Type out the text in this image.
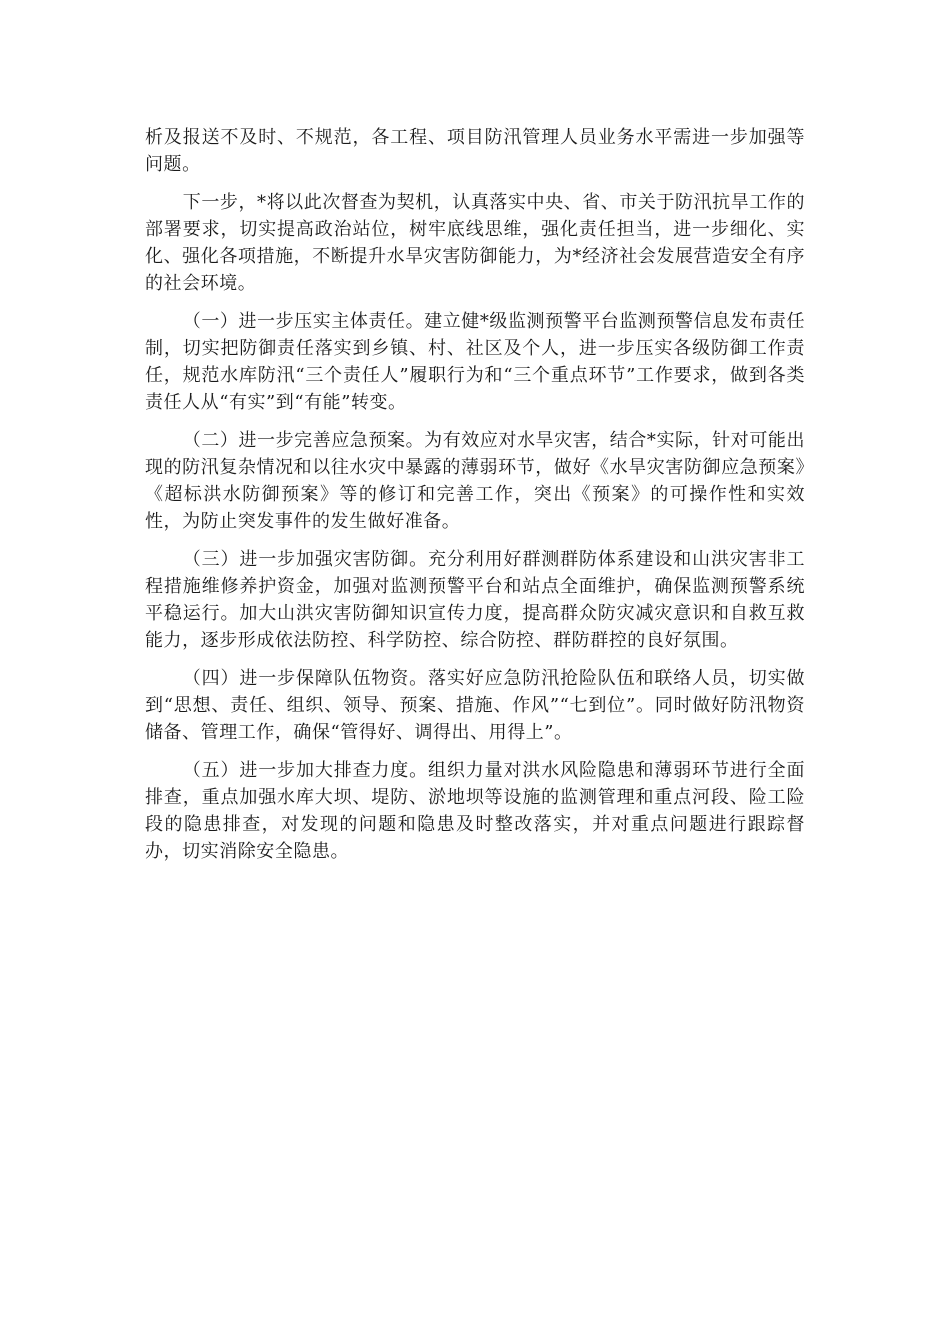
析及报送不及时、不规范，各工程、项目防汛管理人员业务水平需进一步加强等问题。

下一步，*将以此次督查为契机，认真落实中央、省、市关于防汛抗旱工作的部署要求，切实提高政治站位，树牢底线思维，强化责任担当，进一步细化、实化、强化各项措施，不断提升水旱灾害防御能力，为*经济社会发展营造安全有序的社会环境。

（一）进一步压实主体责任。建立健*级监测预警平台监测预警信息发布责任制，切实把防御责任落实到乡镇、村、社区及个人，进一步压实各级防御工作责任，规范水库防汛“三个责任人”履职行为和“三个重点环节”工作要求，做到各类责任人从“有实”到“有能”转变。

（二）进一步完善应急预案。为有效应对水旱灾害，结合*实际，针对可能出现的防汛复杂情况和以往水灾中暴露的薄弱环节，做好《水旱灾害防御应急预案》《超标洪水防御预案》等的修订和完善工作，突出《预案》的可操作性和实效性，为防止突发事件的发生做好准备。

（三）进一步加强灾害防御。充分利用好群测群防体系建设和山洪灾害非工程措施维修养护资金，加强对监测预警平台和站点全面维护，确保监测预警系统平稳运行。加大山洪灾害防御知识宣传力度，提高群众防灾减灾意识和自救互救能力，逐步形成依法防控、科学防控、综合防控、群防群控的良好氛围。

（四）进一步保障队伍物资。落实好应急防汛抢险队伍和联络人员，切实做到“思想、责任、组织、领导、预案、措施、作风”“七到位”。同时做好防汛物资储备、管理工作，确保“管得好、调得出、用得上”。

（五）进一步加大排查力度。组织力量对洪水风险隐患和薄弱环节进行全面排查，重点加强水库大坝、堤防、淤地坝等设施的监测管理和重点河段、险工险段的隐患排查，对发现的问题和隐患及时整改落实，并对重点问题进行跟踪督办，切实消除安全隐患。
